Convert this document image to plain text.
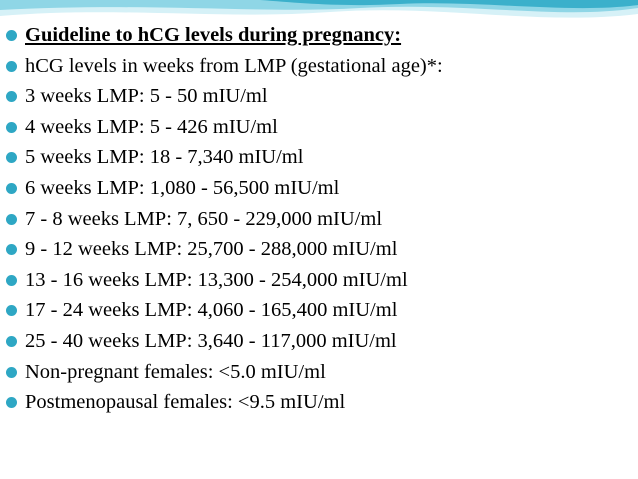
Guideline to hCG levels during pregnancy:
hCG levels in weeks from LMP (gestational age)*:
3 weeks LMP: 5 - 50 mIU/ml
4 weeks LMP: 5 - 426 mIU/ml
5 weeks LMP: 18 - 7,340 mIU/ml
6 weeks LMP: 1,080 - 56,500 mIU/ml
7 - 8 weeks LMP: 7, 650 - 229,000 mIU/ml
9 - 12 weeks LMP: 25,700 - 288,000 mIU/ml
13 - 16 weeks LMP: 13,300 - 254,000 mIU/ml
17 - 24 weeks LMP: 4,060 - 165,400 mIU/ml
25 - 40 weeks LMP: 3,640 - 117,000 mIU/ml
Non-pregnant females: <5.0 mIU/ml
Postmenopausal females: <9.5 mIU/ml
